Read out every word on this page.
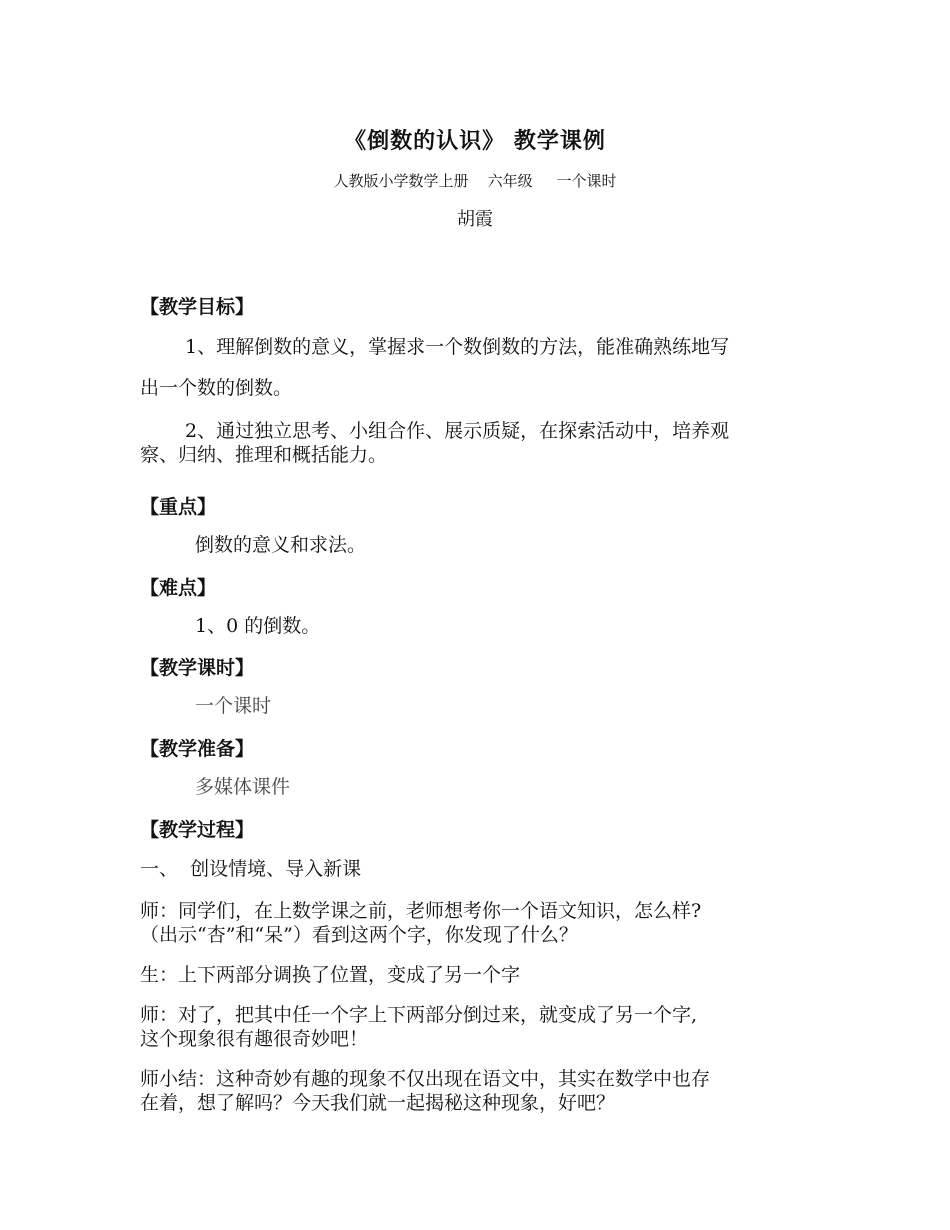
《倒数的认识》 教学课例
人教版小学数学上册    六年级     一个课时
胡霞
【教学目标】
1、理解倒数的意义，掌握求一个数倒数的方法，能准确熟练地写
出一个数的倒数。
2、通过独立思考、小组合作、展示质疑，在探索活动中，培养观
察、归纳、推理和概括能力。
【重点】
倒数的意义和求法。
【难点】
1、0 的倒数。
【教学课时】
一个课时
【教学准备】
多媒体课件
【教学过程】
一、  创设情境、导入新课
师：同学们，在上数学课之前，老师想考你一个语文知识，怎么样?
（出示“杏”和“呆”）看到这两个字，你发现了什么？
生：上下两部分调换了位置，变成了另一个字
师：对了，把其中任一个字上下两部分倒过来，就变成了另一个字,
这个现象很有趣很奇妙吧！
师小结：这种奇妙有趣的现象不仅出现在语文中，其实在数学中也存
在着，想了解吗？今天我们就一起揭秘这种现象，好吧？
